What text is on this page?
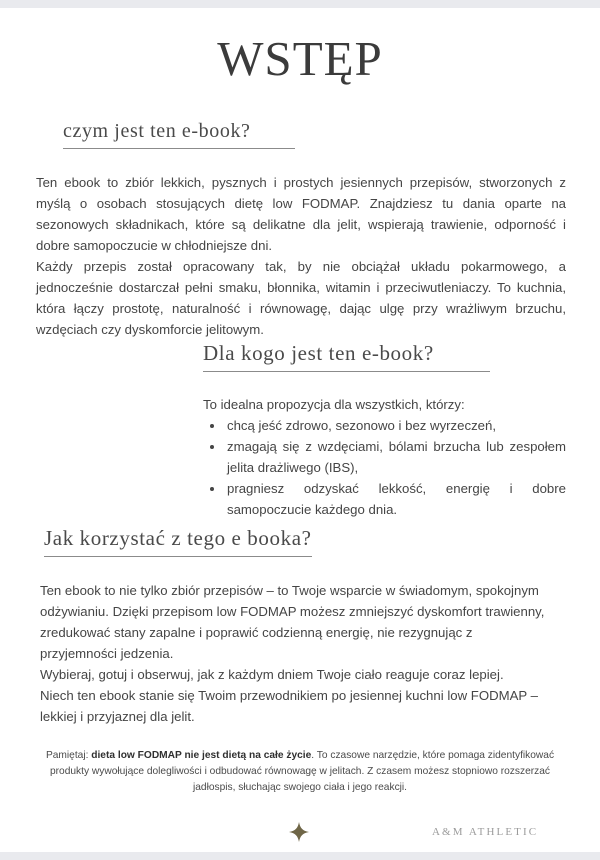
WSTĘP
czym jest ten e-book?

Ten ebook to zbiór lekkich, pysznych i prostych jesiennych przepisów, stworzonych z myślą o osobach stosujących dietę low FODMAP. Znajdziesz tu dania oparte na sezonowych składnikach, które są delikatne dla jelit, wspierają trawienie, odporność i dobre samopoczucie w chłodniejsze dni.

Każdy przepis został opracowany tak, by nie obciążał układu pokarmowego, a jednocześnie dostarczał pełni smaku, błonnika, witamin i przeciwutleniaczy. To kuchnia, która łączy prostotę, naturalność i równowagę, dając ulgę przy wrażliwym brzuchu, wzdęciach czy dyskomforcie jelitowym.

Dla kogo jest ten e-book?

To idealna propozycja dla wszystkich, którzy:

• chcą jeść zdrowo, sezonowo i bez wyrzeczeń,
• zmagają się z wzdęciami, bólami brzucha lub zespołem jelita drażliwego (IBS),
• pragniesz odzyskać lekkość, energię i dobre samopoczucie każdego dnia.
Jak korzystać z tego e booka?

Ten ebook to nie tylko zbiór przepisów – to Twoje wsparcie w świadomym, spokojnym odżywianiu. Dzięki przepisom low FODMAP możesz zmniejszyć dyskomfort trawienny, zredukować stany zapalne i poprawić codzienną energię, nie rezygnując z przyjemności jedzenia.

Wybieraj, gotuj i obserwuj, jak z każdym dniem Twoje ciało reaguje coraz lepiej.

Niech ten ebook stanie się Twoim przewodnikiem po jesiennej kuchni low FODMAP – lekkiej i przyjaznej dla jelit.

Pamiętaj: dieta low FODMAP nie jest dietą na całe życie. To czasowe narzędzie, które pomaga zidentyfikować produkty wywołujące dolegliwości i odbudować równowagę w jelitach. Z czasem możesz stopniowo rozszerzać jadłospis, słuchając swojego ciała i jego reakcji.
A&M ATHLETIC
